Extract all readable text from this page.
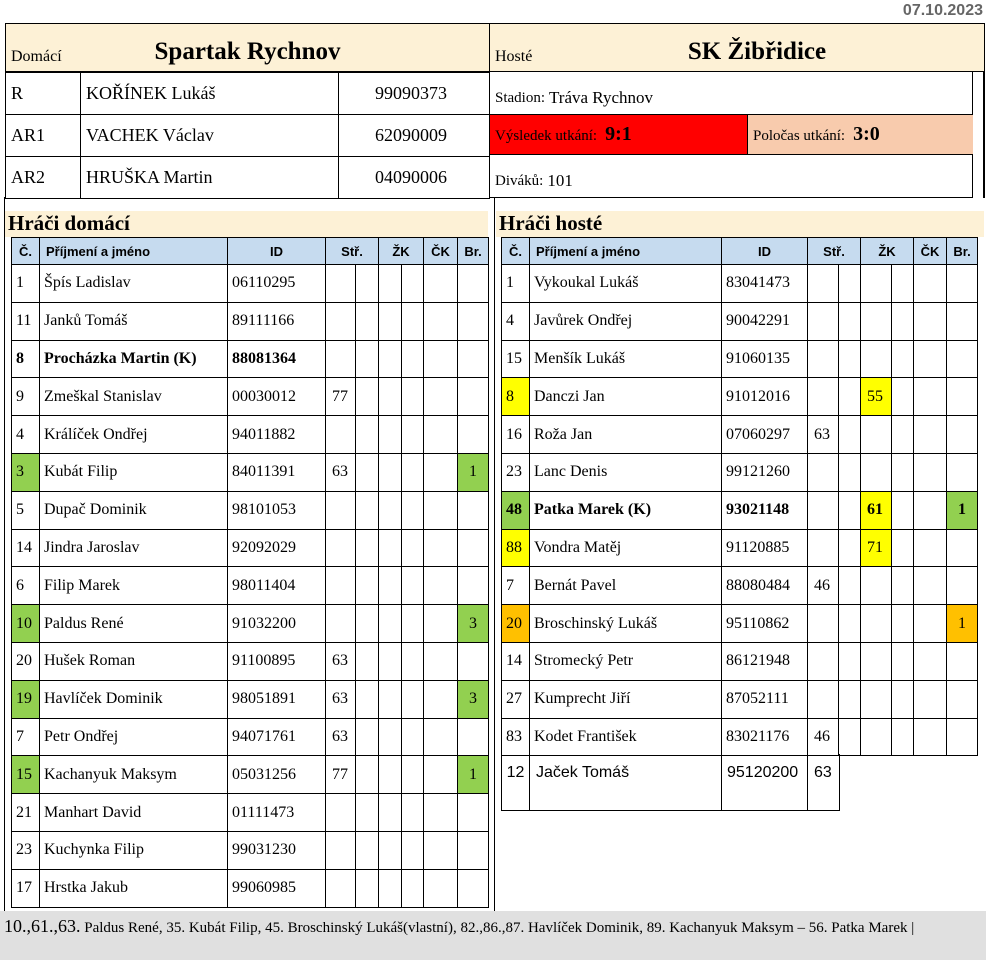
07.10.2023
Domácí	Spartak Rychnov	Hosté	SK Žibřidice
R	KOŘÍNEK Lukáš	99090373
AR1	VACHEK Václav	62090009
AR2	HRUŠKA Martin	04090006
Stadion: Tráva Rychnov
Výsledek utkání: 9:1	Poločas utkání: 3:0
Diváků: 101
Hráči domácí	Hráči hosté
Č.	Příjmení a jméno	ID	Stř.		ŽK		ČK	Br.
1	Špís Ladislav	06110295						
11	Janků Tomáš	89111166						
8	Procházka Martin (K)	88081364						
9	Zmeškal Stanislav	00030012	77					
4	Králíček Ondřej	94011882						
3	Kubát Filip	84011391	63					1
5	Dupač Dominik	98101053						
14	Jindra Jaroslav	92092029						
6	Filip Marek	98011404						
10	Paldus René	91032200						3
20	Hušek Roman	91100895	63					
19	Havlíček Dominik	98051891	63					3
7	Petr Ondřej	94071761	63					
15	Kachanyuk Maksym	05031256	77					1
21	Manhart David	01111473						
23	Kuchynka Filip	99031230						
17	Hrstka Jakub	99060985						
Č.	Příjmení a jméno	ID	Stř.		ŽK		ČK	Br.
1	Vykoukal Lukáš	83041473						
4	Javůrek Ondřej	90042291						
15	Menšík Lukáš	91060135						
8	Danczi Jan	91012016			55			
16	Roža Jan	07060297	63					
23	Lanc Denis	99121260						
48	Patka Marek (K)	93021148			61			1
88	Vondra Matěj	91120885			71			
7	Bernát Pavel	88080484	46					
20	Broschinský Lukáš	95110862						1
14	Stromecký Petr	86121948						
27	Kumprecht Jiří	87052111						
83	Kodet František	83021176	46					
12 Jaček Tomáš	95120200 63
10.,61.,63. Paldus René, 35. Kubát Filip, 45. Broschinský Lukáš(vlastní), 82.,86.,87. Havlíček Dominik, 89. Kachanyuk Maksym – 56. Patka Marek |
